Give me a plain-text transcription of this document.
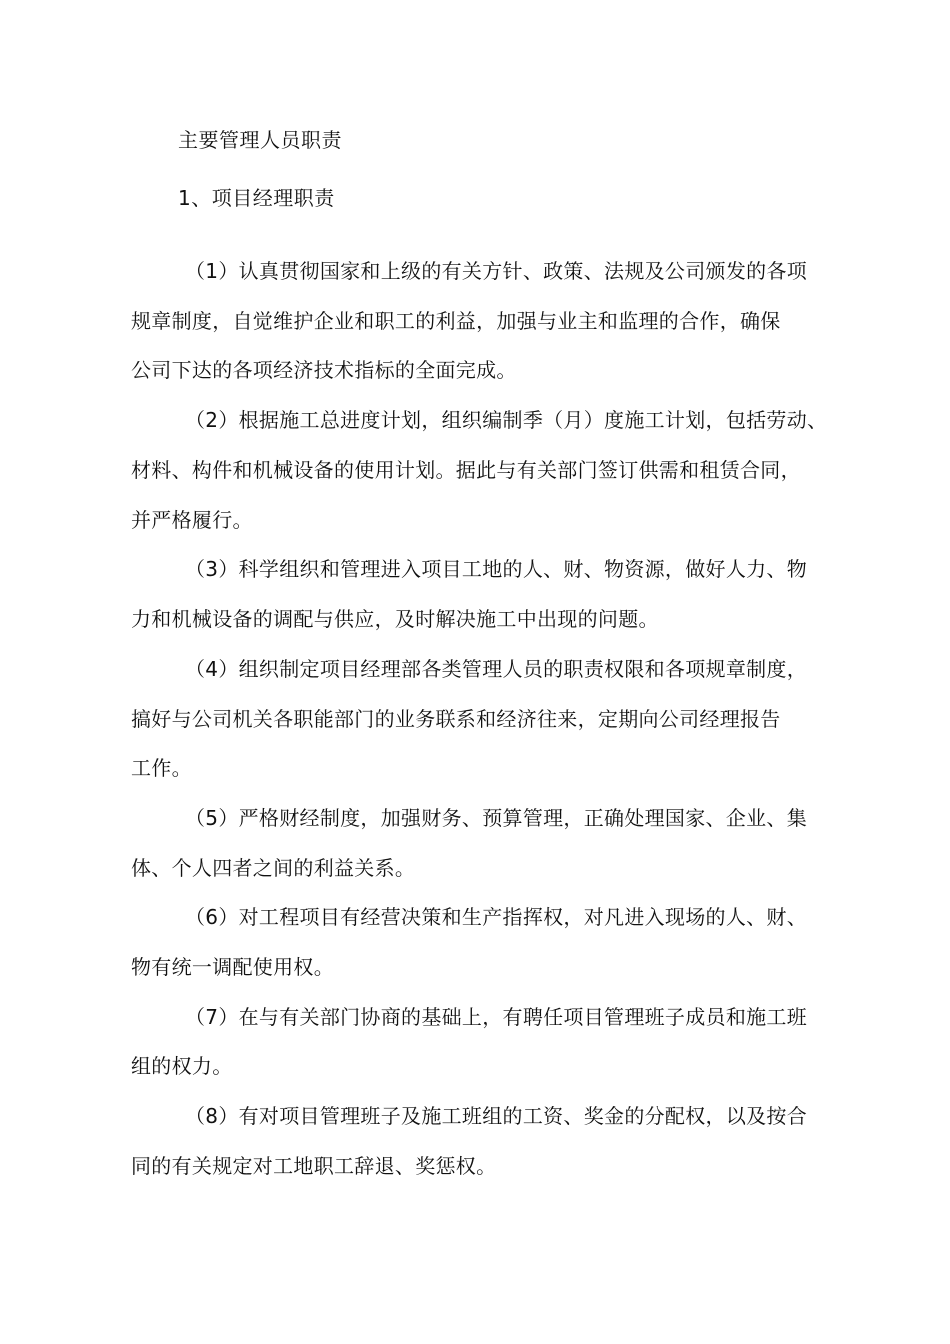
主要管理人员职责
1、项目经理职责
（1）认真贯彻国家和上级的有关方针、政策、法规及公司颁发的各项
规章制度，自觉维护企业和职工的利益，加强与业主和监理的合作，确保
公司下达的各项经济技术指标的全面完成。
（2）根据施工总进度计划，组织编制季（月）度施工计划，包括劳动、
材料、构件和机械设备的使用计划。据此与有关部门签订供需和租赁合同，
并严格履行。
（3）科学组织和管理进入项目工地的人、财、物资源，做好人力、物
力和机械设备的调配与供应，及时解决施工中出现的问题。
（4）组织制定项目经理部各类管理人员的职责权限和各项规章制度，
搞好与公司机关各职能部门的业务联系和经济往来，定期向公司经理报告
工作。
（5）严格财经制度，加强财务、预算管理，正确处理国家、企业、集
体、个人四者之间的利益关系。
（6）对工程项目有经营决策和生产指挥权，对凡进入现场的人、财、
物有统一调配使用权。
（7）在与有关部门协商的基础上，有聘任项目管理班子成员和施工班
组的权力。
（8）有对项目管理班子及施工班组的工资、奖金的分配权，以及按合
同的有关规定对工地职工辞退、奖惩权。
